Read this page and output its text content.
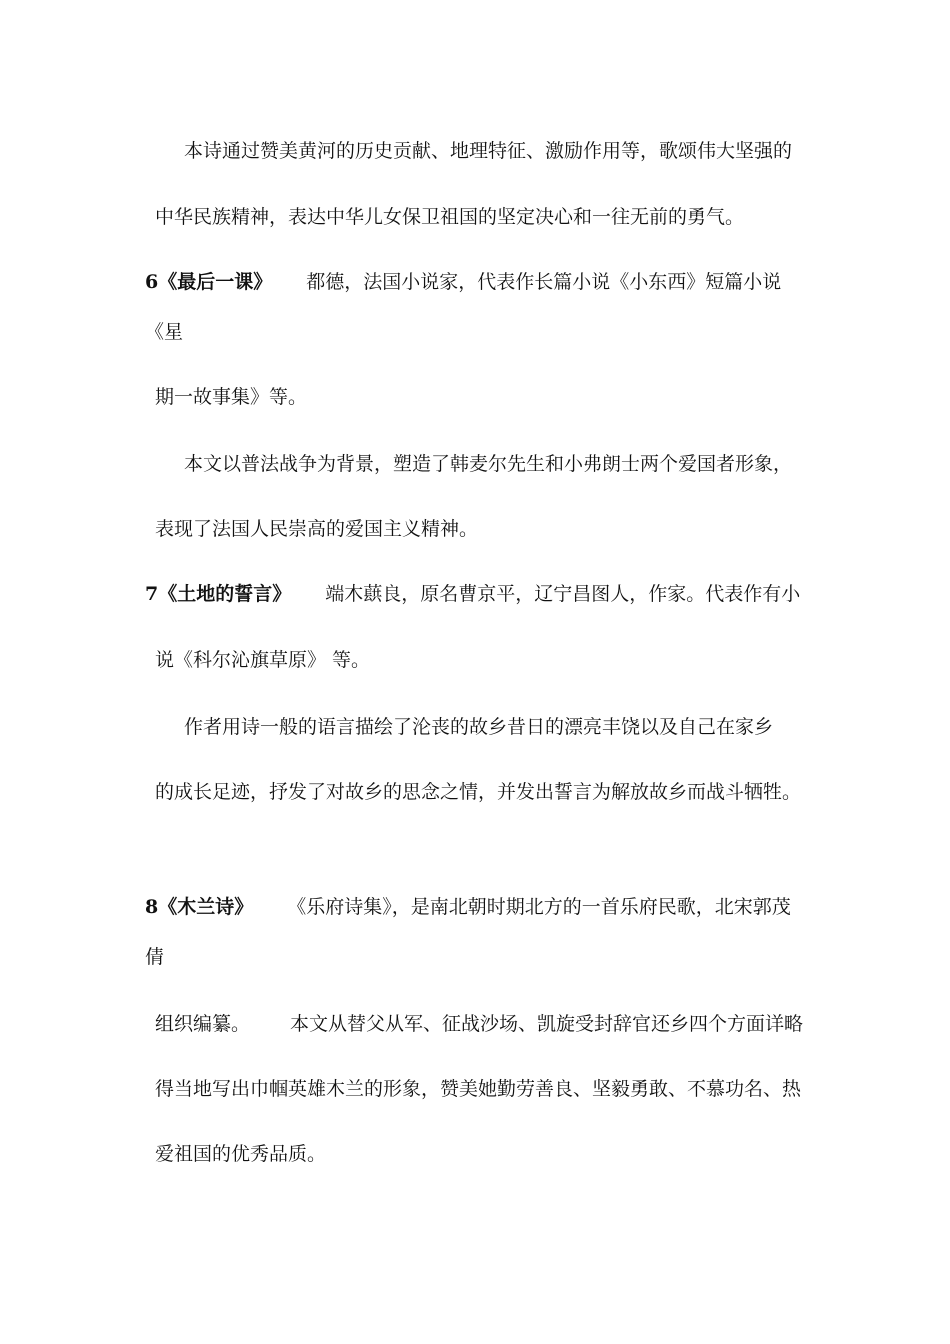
本诗通过赞美黄河的历史贡献、地理特征、激励作用等，歌颂伟大坚强的

中华民族精神，表达中华儿女保卫祖国的坚定决心和一往无前的勇气。

6《最后一课》 都德，法国小说家，代表作长篇小说《小东西》短篇小说

《星

期一故事集》等。

本文以普法战争为背景，塑造了韩麦尔先生和小弗朗士两个爱国者形象，

表现了法国人民崇高的爱国主义精神。

7《土地的誓言》 端木蕻良，原名曹京平，辽宁昌图人，作家。代表作有小

说《科尔沁旗草原》 等。

作者用诗一般的语言描绘了沦丧的故乡昔日的漂亮丰饶以及自己在家乡

的成长足迹，抒发了对故乡的思念之情，并发出誓言为解放故乡而战斗牺牲。

8《木兰诗》 《乐府诗集》，是南北朝时期北方的一首乐府民歌，北宋郭茂

倩

组织编纂。 本文从替父从军、征战沙场、凯旋受封辞官还乡四个方面详略

得当地写出巾帼英雄木兰的形象，赞美她勤劳善良、坚毅勇敢、不慕功名、热

爱祖国的优秀品质。
